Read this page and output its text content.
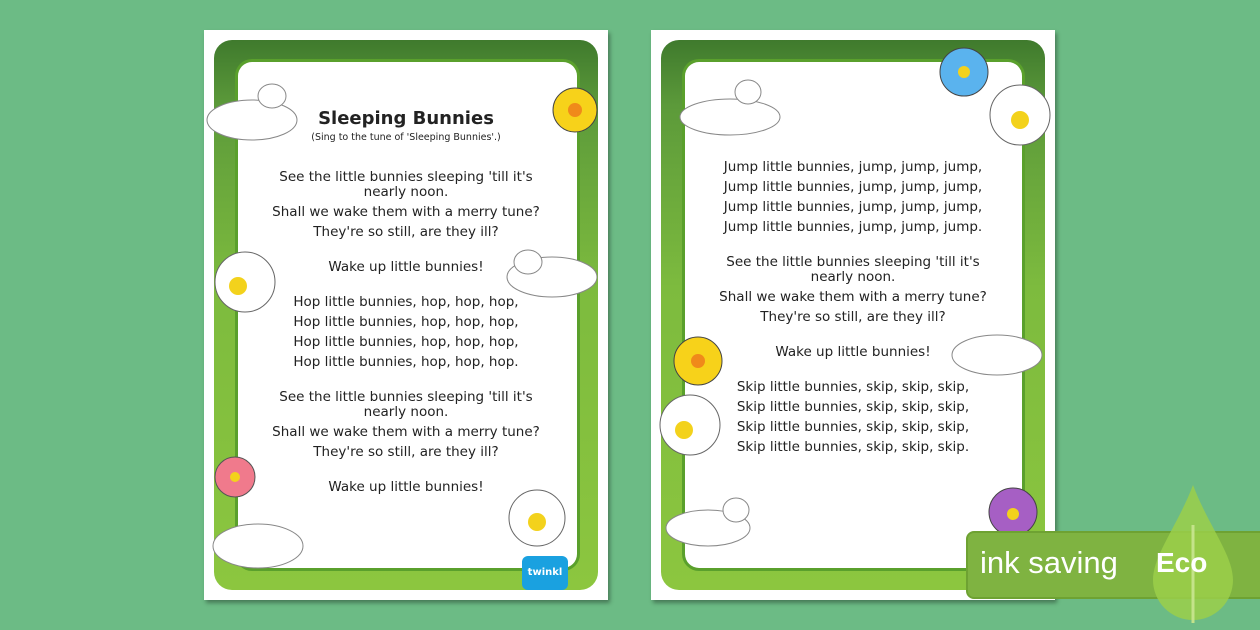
Sleeping Bunnies
(Sing to the tune of 'Sleeping Bunnies'.)
See the little bunnies sleeping 'till it's
nearly noon.
Shall we wake them with a merry tune?
They're so still, are they ill?
Wake up little bunnies!
Hop little bunnies, hop, hop, hop,
Hop little bunnies, hop, hop, hop,
Hop little bunnies, hop, hop, hop,
Hop little bunnies, hop, hop, hop.
See the little bunnies sleeping 'till it's
nearly noon.
Shall we wake them with a merry tune?
They're so still, are they ill?
Wake up little bunnies!
twinkl
Jump little bunnies, jump, jump, jump,
Jump little bunnies, jump, jump, jump,
Jump little bunnies, jump, jump, jump,
Jump little bunnies, jump, jump, jump.
See the little bunnies sleeping 'till it's
nearly noon.
Shall we wake them with a merry tune?
They're so still, are they ill?
Wake up little bunnies!
Skip little bunnies, skip, skip, skip,
Skip little bunnies, skip, skip, skip,
Skip little bunnies, skip, skip, skip,
Skip little bunnies, skip, skip, skip.
ink saving Eco
